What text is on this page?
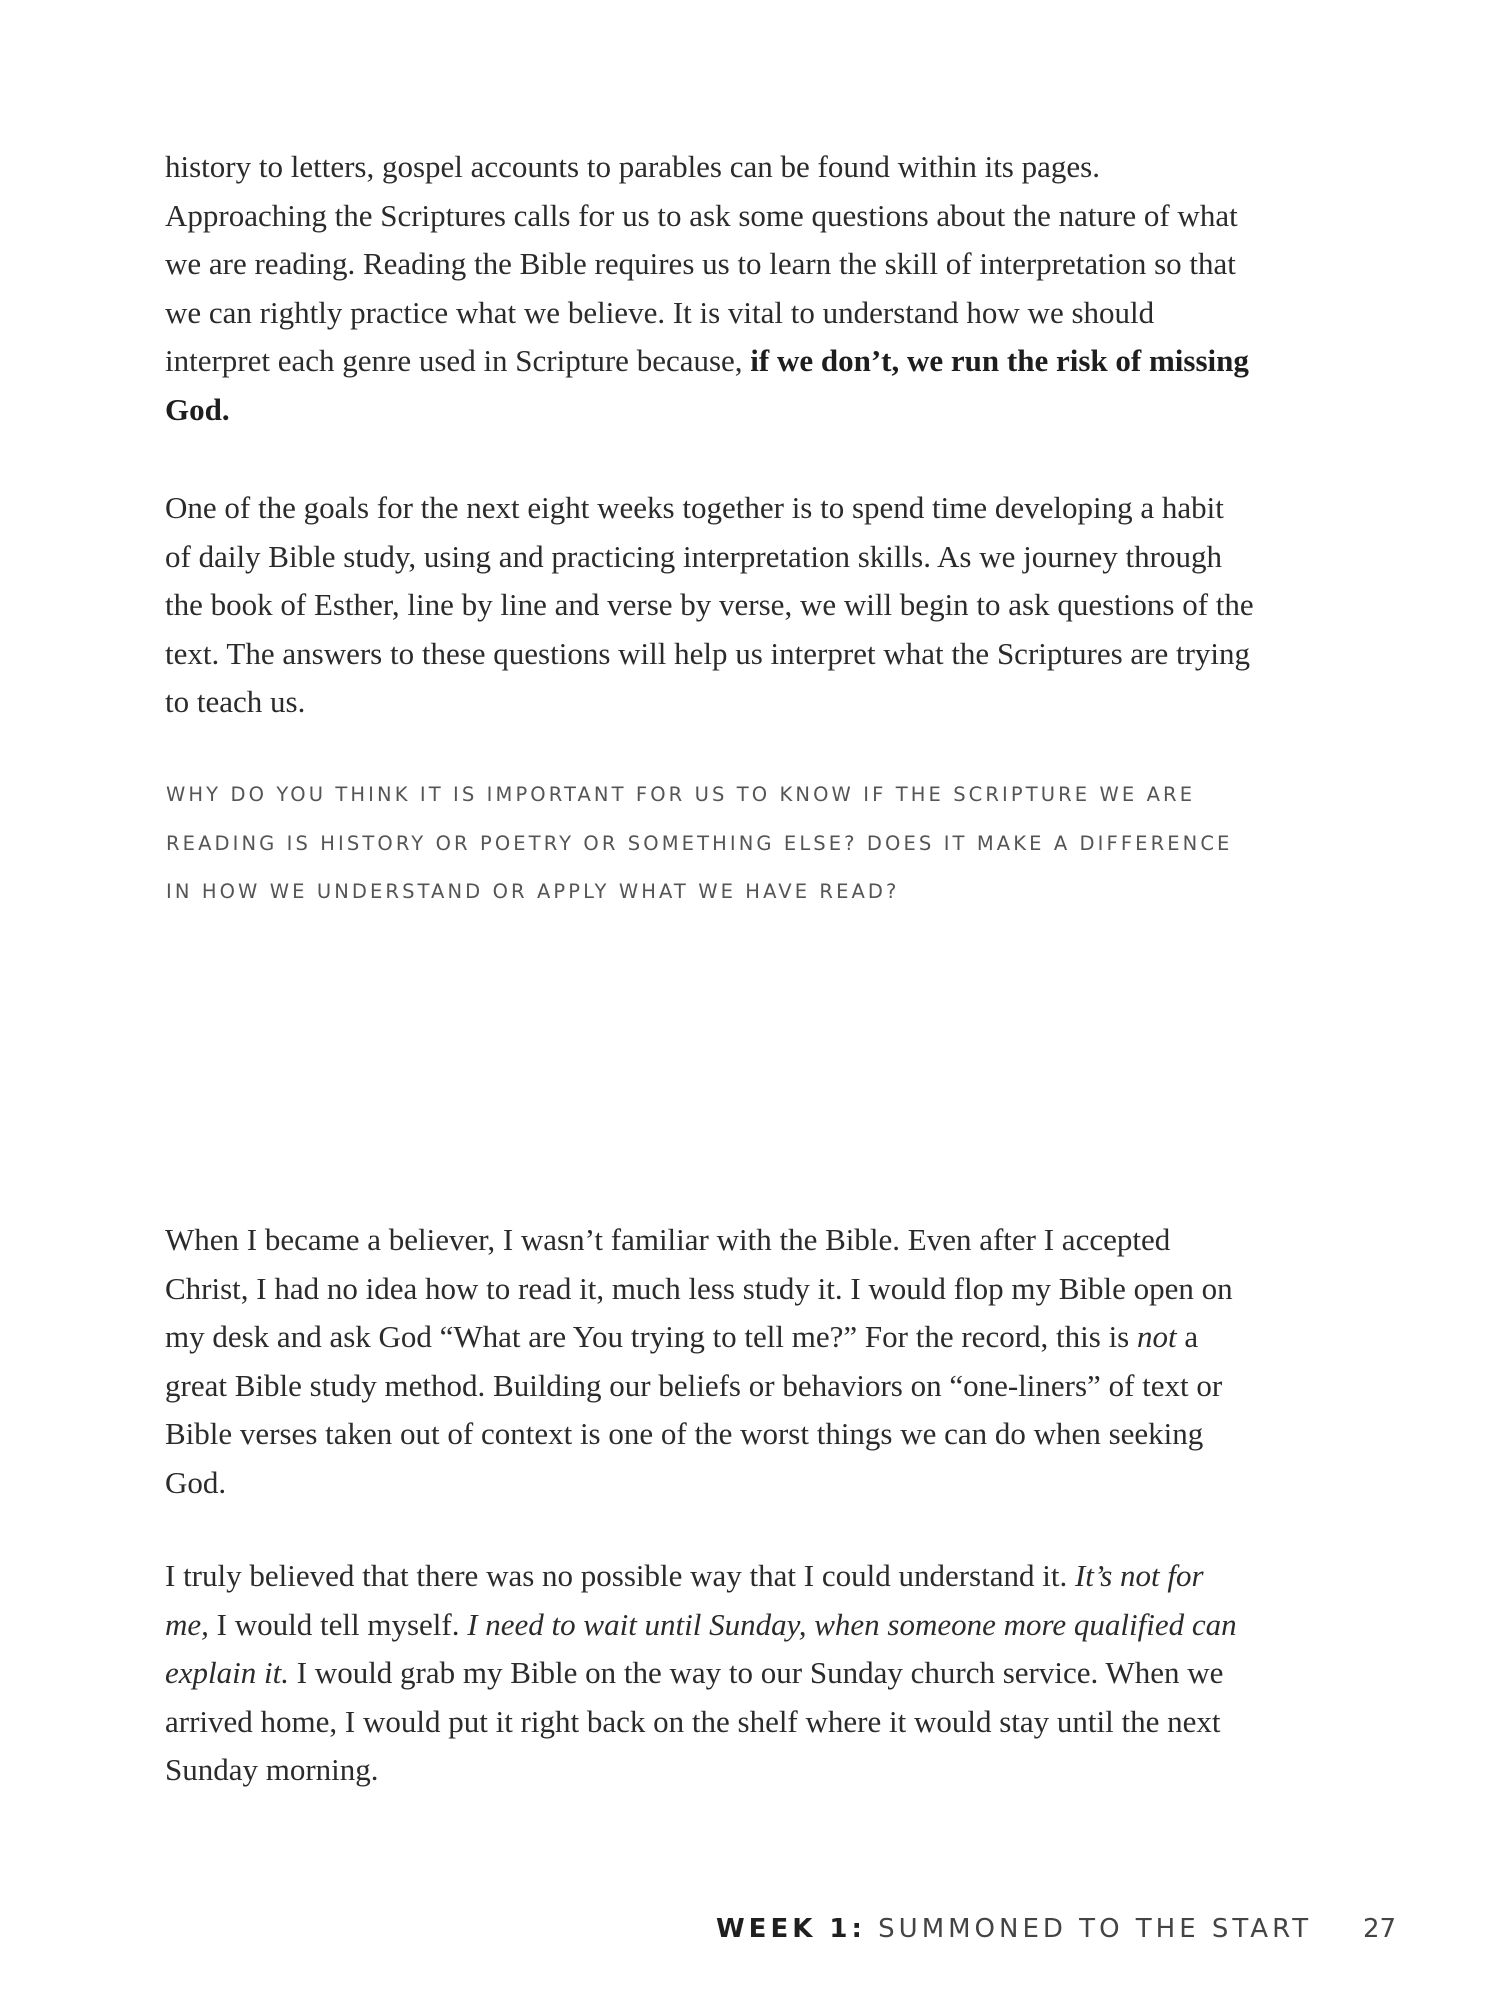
history to letters, gospel accounts to parables can be found within its pages. Approaching the Scriptures calls for us to ask some questions about the nature of what we are reading. Reading the Bible requires us to learn the skill of interpretation so that we can rightly practice what we believe. It is vital to understand how we should interpret each genre used in Scripture because, if we don’t, we run the risk of missing God.

One of the goals for the next eight weeks together is to spend time developing a habit of daily Bible study, using and practicing interpretation skills. As we journey through the book of Esther, line by line and verse by verse, we will begin to ask questions of the text. The answers to these questions will help us interpret what the Scriptures are trying to teach us.

WHY DO YOU THINK IT IS IMPORTANT FOR US TO KNOW IF THE SCRIPTURE WE ARE READING IS HISTORY OR POETRY OR SOMETHING ELSE? DOES IT MAKE A DIFFERENCE IN HOW WE UNDERSTAND OR APPLY WHAT WE HAVE READ?

When I became a believer, I wasn’t familiar with the Bible. Even after I accepted Christ, I had no idea how to read it, much less study it. I would flop my Bible open on my desk and ask God “What are You trying to tell me?” For the record, this is not a great Bible study method. Building our beliefs or behaviors on “one-liners” of text or Bible verses taken out of context is one of the worst things we can do when seeking God.

I truly believed that there was no possible way that I could understand it. It’s not for me, I would tell myself. I need to wait until Sunday, when someone more qualified can explain it. I would grab my Bible on the way to our Sunday church service. When we arrived home, I would put it right back on the shelf where it would stay until the next Sunday morning.

WEEK 1: SUMMONED TO THE START 27
